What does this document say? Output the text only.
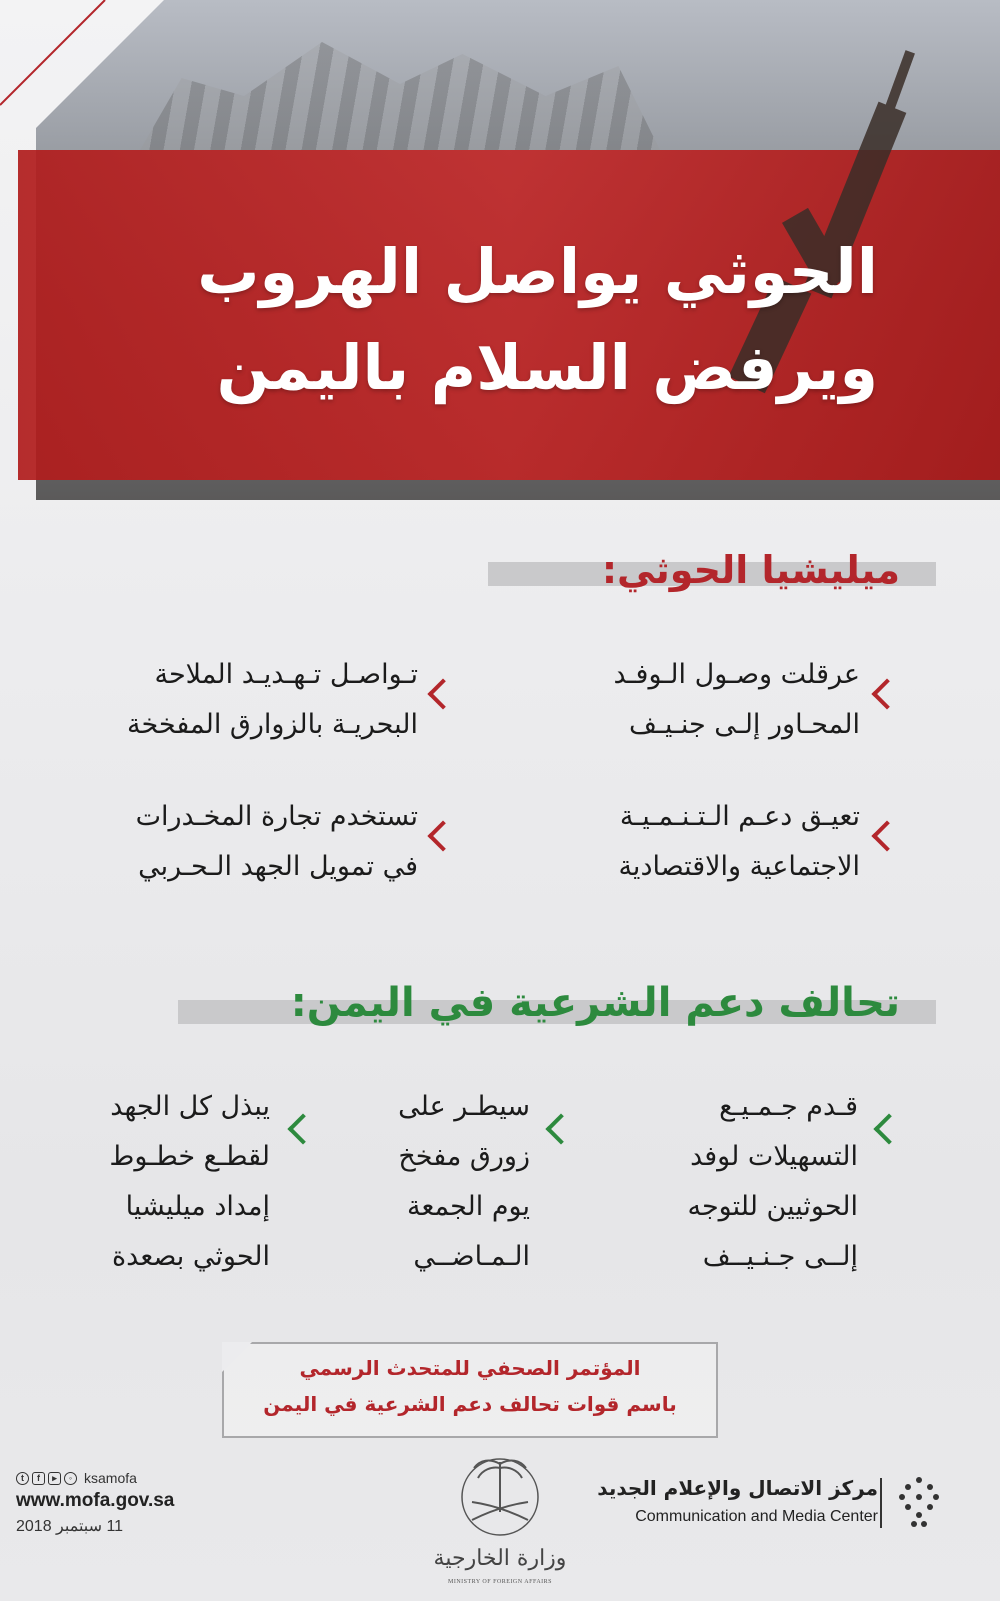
الحوثي يواصل الهروب
ويرفض السلام باليمن
ميليشيا الحوثي:
عرقلت وصـول الـوفـد
المحـاور إلـى جنـيـف
تـواصـل تـهـديـد الملاحة
البحريـة بالزوارق المفخخة
تعيـق دعـم الـتـنـمـيـة
الاجتماعية والاقتصادية
تستخدم تجارة المخـدرات
في تمويل الجهد الـحـربي
تحالف دعم الشرعية في اليمن:
قـدم جـمـيـع
التسهيلات لوفد
الحوثيين للتوجه
إلــى جـنـيــف
سيطـر على
زورق مفخخ
يوم الجمعة
الـمـاضــي
يبذل كل الجهد
لقطـع خطـوط
إمداد ميليشيا
الحوثي بصعدة
المؤتمر الصحفي للمتحدث الرسمي
باسم قوات تحالف دعم الشرعية في اليمن
t	f	▸	◦ ksamofa
www.mofa.gov.sa
11 سبتمبر 2018
وزارة الخارجية
MINISTRY OF FOREIGN AFFAIRS
مركز الاتصال والإعلام الجديد
Communication and Media Center
